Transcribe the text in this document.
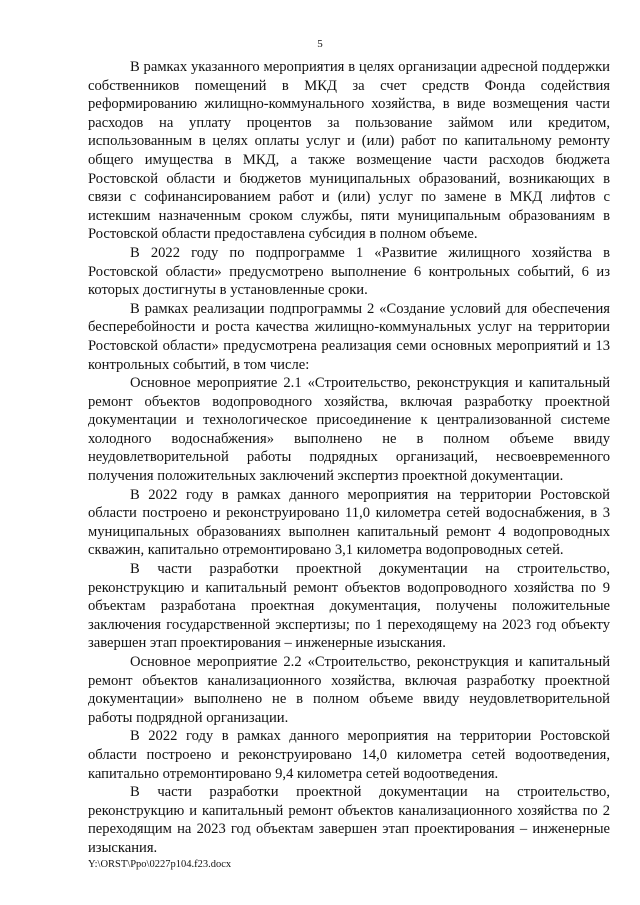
5

В рамках указанного мероприятия в целях организации адресной поддержки собственников помещений в МКД за счет средств Фонда содействия реформированию жилищно-коммунального хозяйства, в виде возмещения части расходов на уплату процентов за пользование займом или кредитом, использованным в целях оплаты услуг и (или) работ по капитальному ремонту общего имущества в МКД, а также возмещение части расходов бюджета Ростовской области и бюджетов муниципальных образований, возникающих в связи с софинансированием работ и (или) услуг по замене в МКД лифтов с истекшим назначенным сроком службы, пяти муниципальным образованиям в Ростовской области предоставлена субсидия в полном объеме.

В 2022 году по подпрограмме 1 «Развитие жилищного хозяйства в Ростовской области» предусмотрено выполнение 6 контрольных событий, 6 из которых достигнуты в установленные сроки.

В рамках реализации подпрограммы 2 «Создание условий для обеспечения бесперебойности и роста качества жилищно-коммунальных услуг на территории Ростовской области» предусмотрена реализация семи основных мероприятий и 13 контрольных событий, в том числе:

Основное мероприятие 2.1 «Строительство, реконструкция и капитальный ремонт объектов водопроводного хозяйства, включая разработку проектной документации и технологическое присоединение к централизованной системе холодного водоснабжения» выполнено не в полном объеме ввиду неудовлетворительной работы подрядных организаций, несвоевременного получения положительных заключений экспертиз проектной документации.

В 2022 году в рамках данного мероприятия на территории Ростовской области построено и реконструировано 11,0 километра сетей водоснабжения, в 3 муниципальных образованиях выполнен капитальный ремонт 4 водопроводных скважин, капитально отремонтировано 3,1 километра водопроводных сетей.

В части разработки проектной документации на строительство, реконструкцию и капитальный ремонт объектов водопроводного хозяйства по 9 объектам разработана проектная документация, получены положительные заключения государственной экспертизы; по 1 переходящему на 2023 год объекту завершен этап проектирования – инженерные изыскания.

Основное мероприятие 2.2 «Строительство, реконструкция и капитальный ремонт объектов канализационного хозяйства, включая разработку проектной документации» выполнено не в полном объеме ввиду неудовлетворительной работы подрядной организации.

В 2022 году в рамках данного мероприятия на территории Ростовской области построено и реконструировано 14,0 километра сетей водоотведения, капитально отремонтировано 9,4 километра сетей водоотведения.

В части разработки проектной документации на строительство, реконструкцию и капитальный ремонт объектов канализационного хозяйства по 2 переходящим на 2023 год объектам завершен этап проектирования – инженерные изыскания.

Y:\ORST\Ppo\0227p104.f23.docx
